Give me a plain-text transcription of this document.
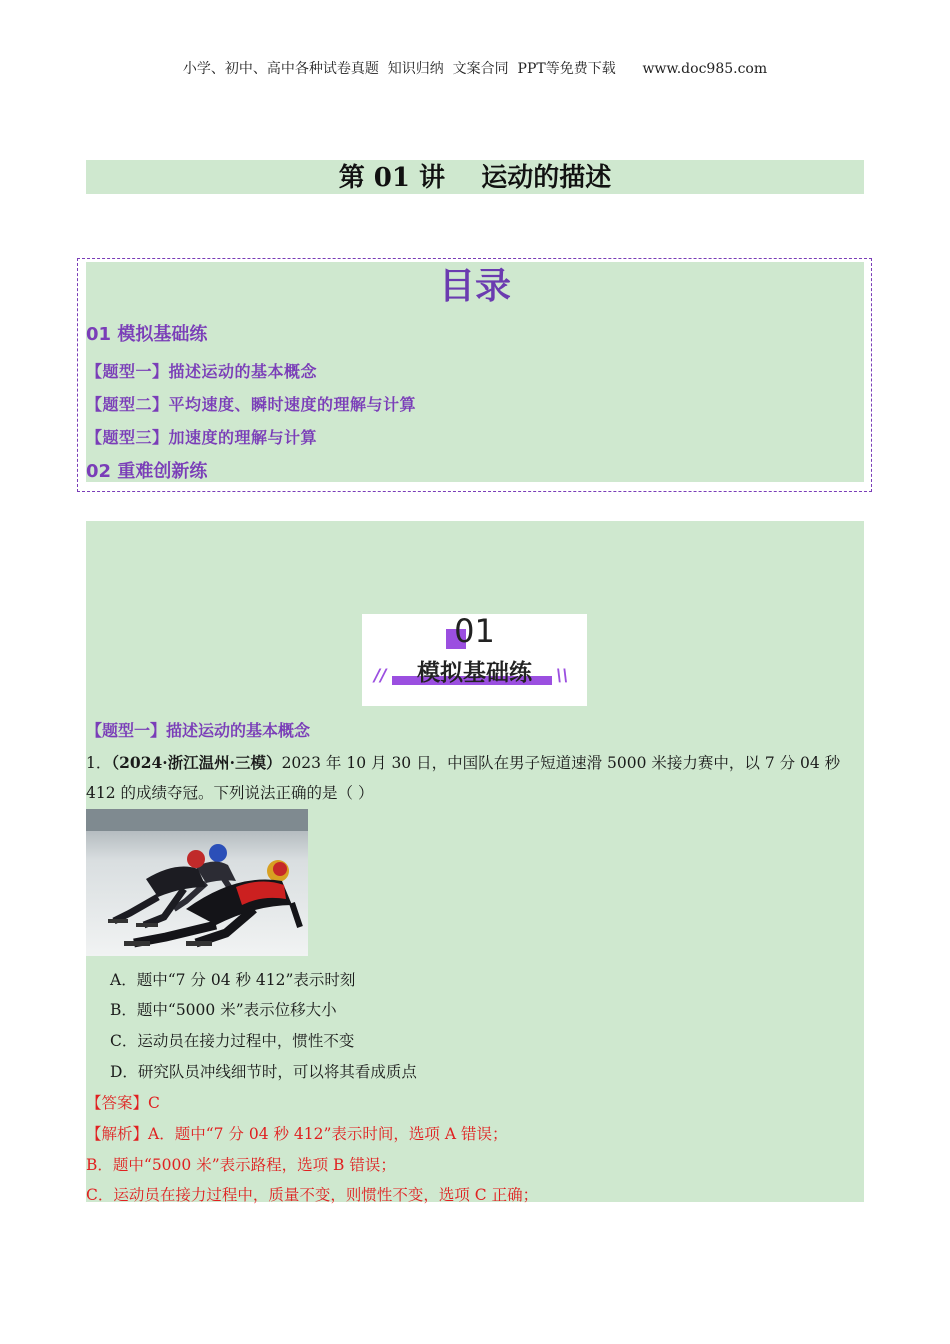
小学、初中、高中各种试卷真题  知识归纳  文案合同  PPT等免费下载      www.doc985.com
第 01 讲    运动的描述
目录
01 模拟基础练
【题型一】描述运动的基本概念
【题型二】平均速度、瞬时速度的理解与计算
【题型三】加速度的理解与计算
02 重难创新练
01
模拟基础练
//	\\
【题型一】描述运动的基本概念
1．（2024·浙江温州·三模）2023 年 10 月 30 日，中国队在男子短道速滑 5000 米接力赛中，以 7 分 04 秒 412 的成绩夺冠。下列说法正确的是（ ）
A．题中“7 分 04 秒 412”表示时刻
B．题中“5000 米”表示位移大小
C．运动员在接力过程中，惯性不变
D．研究队员冲线细节时，可以将其看成质点
【答案】C
【解析】A．题中“7 分 04 秒 412”表示时间，选项 A 错误；
B．题中“5000 米”表示路程，选项 B 错误；
C．运动员在接力过程中，质量不变，则惯性不变，选项 C 正确；
